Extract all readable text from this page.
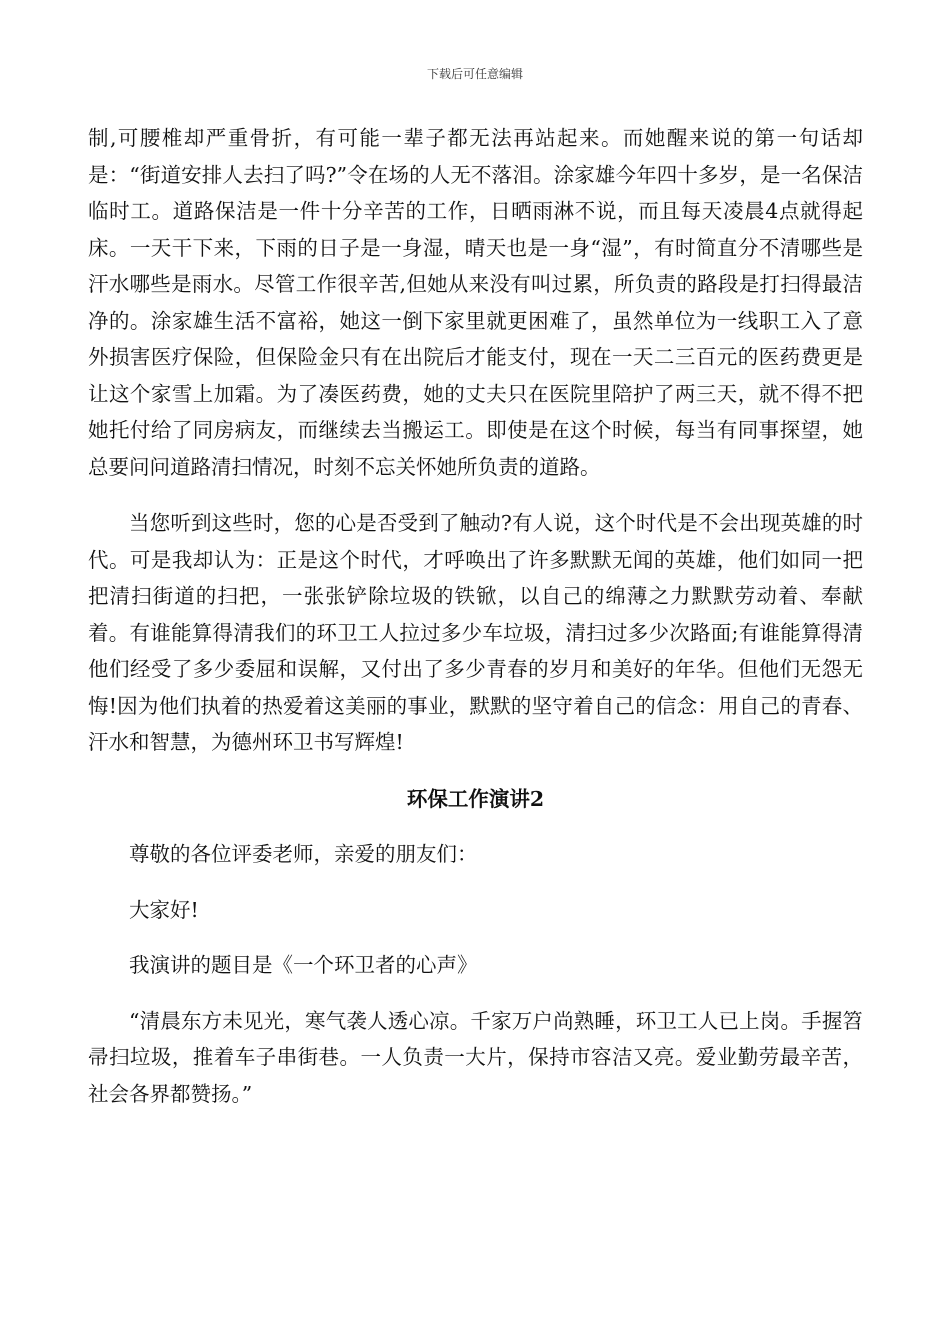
下载后可任意编辑

制,可腰椎却严重骨折，有可能一辈子都无法再站起来。而她醒来说的第一句话却是：“街道安排人去扫了吗?”令在场的人无不落泪。涂家雄今年四十多岁，是一名保洁临时工。道路保洁是一件十分辛苦的工作，日晒雨淋不说，而且每天凌晨4点就得起床。一天干下来，下雨的日子是一身湿，晴天也是一身“湿”，有时简直分不清哪些是汗水哪些是雨水。尽管工作很辛苦,但她从来没有叫过累，所负责的路段是打扫得最洁净的。涂家雄生活不富裕，她这一倒下家里就更困难了，虽然单位为一线职工入了意外损害医疗保险，但保险金只有在出院后才能支付，现在一天二三百元的医药费更是让这个家雪上加霜。为了凑医药费，她的丈夫只在医院里陪护了两三天，就不得不把她托付给了同房病友，而继续去当搬运工。即使是在这个时候，每当有同事探望，她总要问问道路清扫情况，时刻不忘关怀她所负责的道路。

当您听到这些时，您的心是否受到了触动?有人说，这个时代是不会出现英雄的时代。可是我却认为：正是这个时代，才呼唤出了许多默默无闻的英雄，他们如同一把把清扫街道的扫把，一张张铲除垃圾的铁锨，以自己的绵薄之力默默劳动着、奉献着。有谁能算得清我们的环卫工人拉过多少车垃圾，清扫过多少次路面;有谁能算得清他们经受了多少委屈和误解，又付出了多少青春的岁月和美好的年华。但他们无怨无悔!因为他们执着的热爱着这美丽的事业，默默的坚守着自己的信念：用自己的青春、汗水和智慧，为德州环卫书写辉煌!

环保工作演讲2

尊敬的各位评委老师，亲爱的朋友们：

大家好!

我演讲的题目是《一个环卫者的心声》

“清晨东方未见光，寒气袭人透心凉。千家万户尚熟睡，环卫工人已上岗。手握笤帚扫垃圾，推着车子串街巷。一人负责一大片，保持市容洁又亮。爱业勤劳最辛苦，社会各界都赞扬。”
